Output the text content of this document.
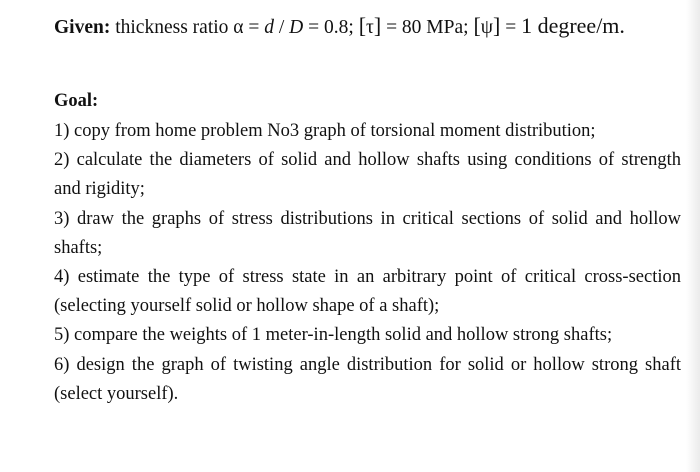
Given: thickness ratio α = d / D = 0.8; [τ] = 80 MPa; [ψ] = 1 degree/m.
Goal:

1) copy from home problem No3 graph of torsional moment distribution;

2) calculate the diameters of solid and hollow shafts using conditions of strength and rigidity;

3) draw the graphs of stress distributions in critical sections of solid and hollow shafts;

4) estimate the type of stress state in an arbitrary point of critical cross-section (selecting yourself solid or hollow shape of a shaft);

5) compare the weights of 1 meter-in-length solid and hollow strong shafts;

6) design the graph of twisting angle distribution for solid or hollow strong shaft (select yourself).
